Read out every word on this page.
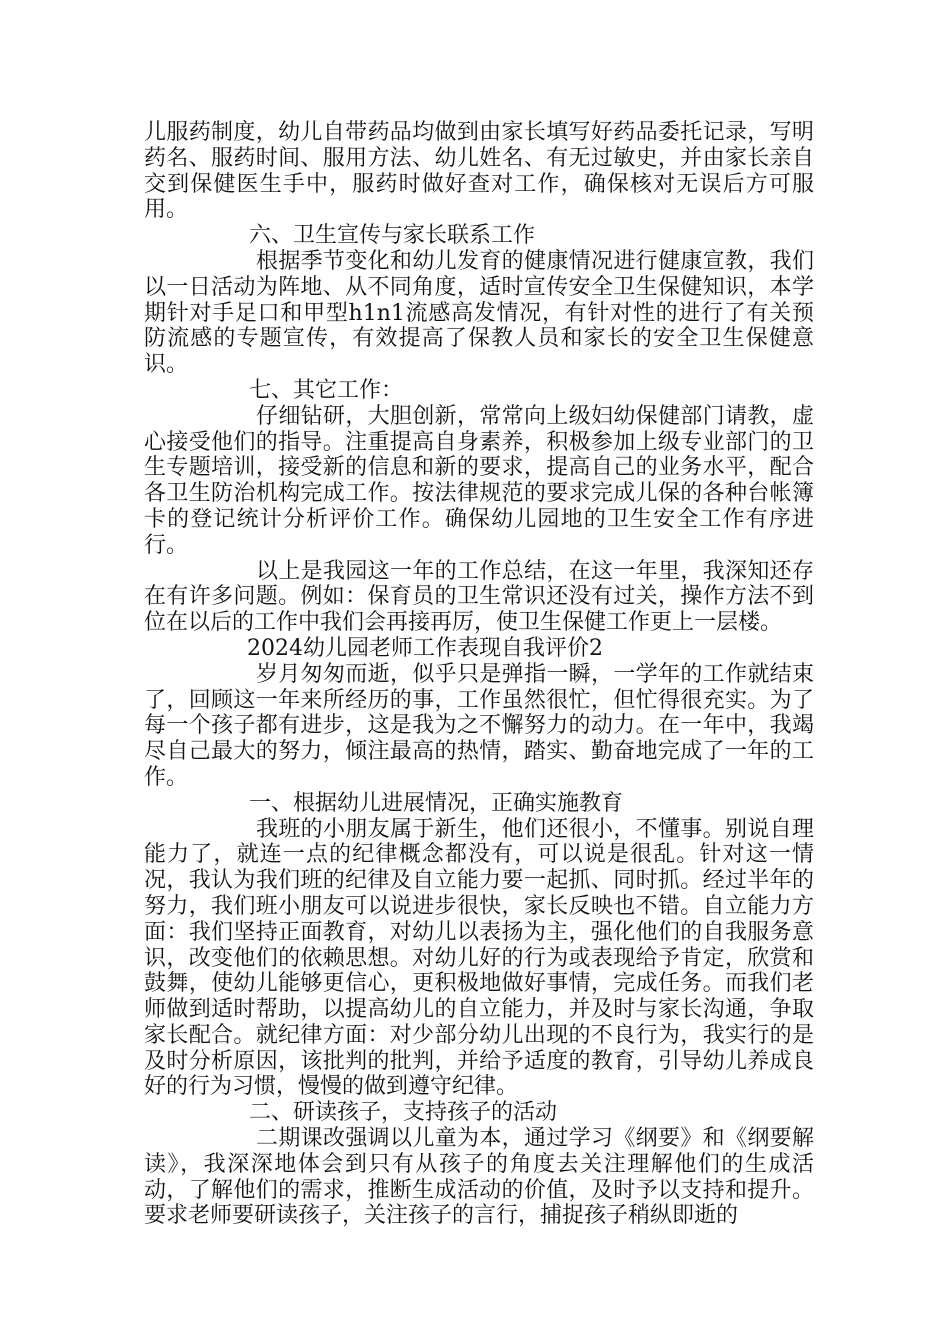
儿服药制度，幼儿自带药品均做到由家长填写好药品委托记录，写明药名、服药时间、服用方法、幼儿姓名、有无过敏史，并由家长亲自交到保健医生手中，服药时做好查对工作，确保核对无误后方可服用。

六、卫生宣传与家长联系工作

根据季节变化和幼儿发育的健康情况进行健康宣教，我们以一日活动为阵地、从不同角度，适时宣传安全卫生保健知识，本学期针对手足口和甲型h1n1流感高发情况，有针对性的进行了有关预防流感的专题宣传，有效提高了保教人员和家长的安全卫生保健意识。

七、其它工作：

仔细钻研，大胆创新，常常向上级妇幼保健部门请教，虚心接受他们的指导。注重提高自身素养，积极参加上级专业部门的卫生专题培训，接受新的信息和新的要求，提高自己的业务水平，配合各卫生防治机构完成工作。按法律规范的要求完成儿保的各种台帐簿卡的登记统计分析评价工作。确保幼儿园地的卫生安全工作有序进行。

以上是我园这一年的工作总结，在这一年里，我深知还存在有许多问题。例如：保育员的卫生常识还没有过关，操作方法不到位在以后的工作中我们会再接再厉，使卫生保健工作更上一层楼。

2024幼儿园老师工作表现自我评价2

岁月匆匆而逝，似乎只是弹指一瞬，一学年的工作就结束了，回顾这一年来所经历的事，工作虽然很忙，但忙得很充实。为了每一个孩子都有进步，这是我为之不懈努力的动力。在一年中，我竭尽自己最大的努力，倾注最高的热情，踏实、勤奋地完成了一年的工作。

一、根据幼儿进展情况，正确实施教育

我班的小朋友属于新生，他们还很小，不懂事。别说自理能力了，就连一点的纪律概念都没有，可以说是很乱。针对这一情况，我认为我们班的纪律及自立能力要一起抓、同时抓。经过半年的努力，我们班小朋友可以说进步很快，家长反映也不错。自立能力方面：我们坚持正面教育，对幼儿以表扬为主，强化他们的自我服务意识，改变他们的依赖思想。对幼儿好的行为或表现给予肯定，欣赏和鼓舞，使幼儿能够更信心，更积极地做好事情，完成任务。而我们老师做到适时帮助，以提高幼儿的自立能力，并及时与家长沟通，争取家长配合。就纪律方面：对少部分幼儿出现的不良行为，我实行的是及时分析原因，该批判的批判，并给予适度的教育，引导幼儿养成良好的行为习惯，慢慢的做到遵守纪律。

二、研读孩子，支持孩子的活动

二期课改强调以儿童为本，通过学习《纲要》和《纲要解读》，我深深地体会到只有从孩子的角度去关注理解他们的生成活动，了解他们的需求，推断生成活动的价值，及时予以支持和提升。要求老师要研读孩子，关注孩子的言行，捕捉孩子稍纵即逝的
